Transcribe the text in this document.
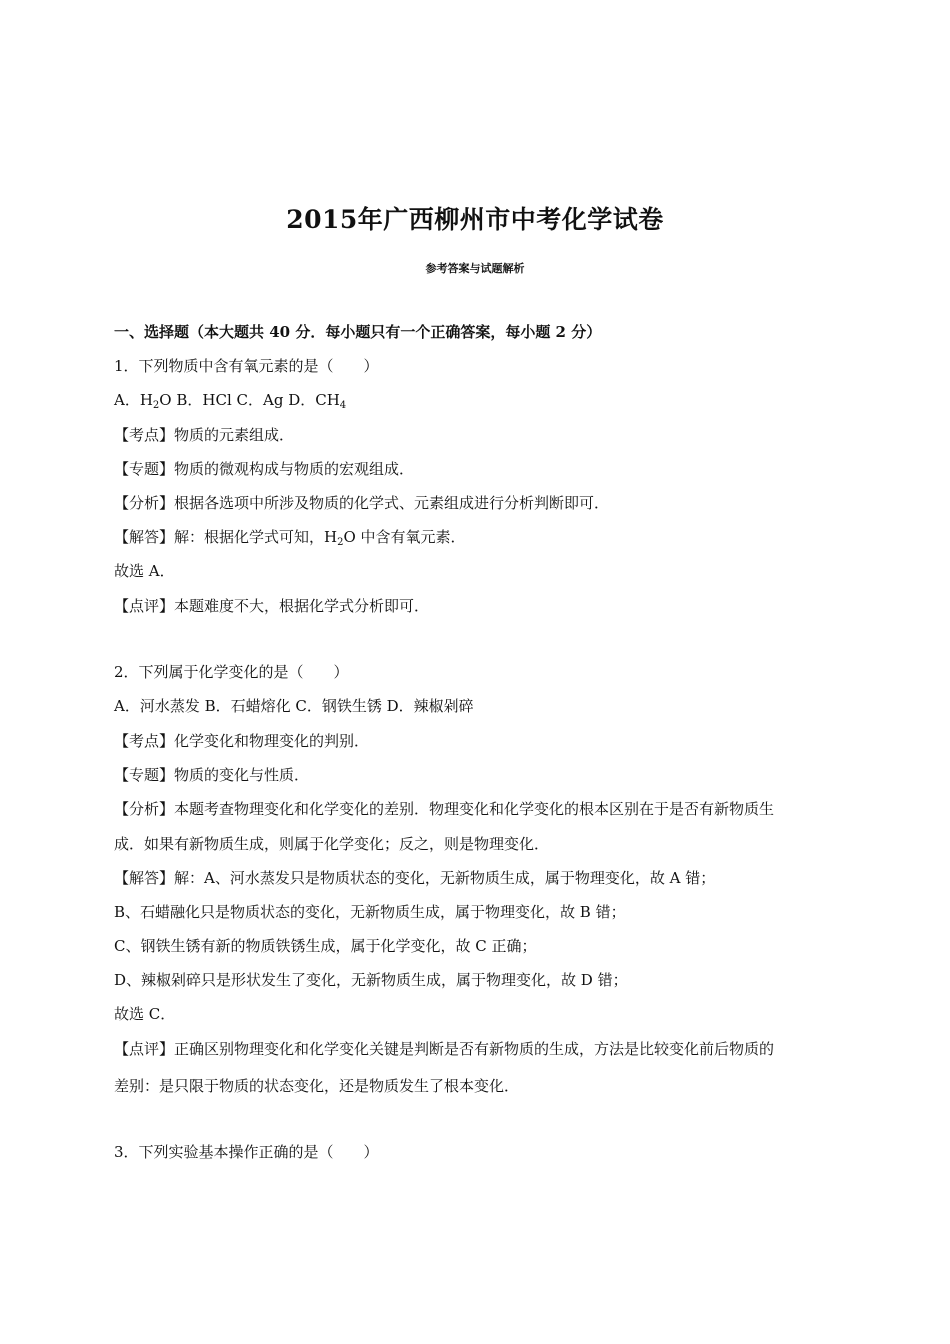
2015年广西柳州市中考化学试卷
参考答案与试题解析
一、选择题（本大题共 40 分．每小题只有一个正确答案，每小题 2 分）
1．下列物质中含有氧元素的是（　　）
A．$H_2O$ B．HCl C．Ag D．$CH_4$
【考点】物质的元素组成．
【专题】物质的微观构成与物质的宏观组成．
【分析】根据各选项中所涉及物质的化学式、元素组成进行分析判断即可．
【解答】解：根据化学式可知，$H_2O$ 中含有氧元素．
故选 A．
【点评】本题难度不大，根据化学式分析即可．
2．下列属于化学变化的是（　　）
A．河水蒸发 B．石蜡熔化 C．钢铁生锈 D．辣椒剁碎
【考点】化学变化和物理变化的判别．
【专题】物质的变化与性质．
【分析】本题考查物理变化和化学变化的差别．物理变化和化学变化的根本区别在于是否有新物质生
成．如果有新物质生成，则属于化学变化；反之，则是物理变化．
【解答】解：A、河水蒸发只是物质状态的变化，无新物质生成，属于物理变化，故 A 错；
B、石蜡融化只是物质状态的变化，无新物质生成，属于物理变化，故 B 错；
C、钢铁生锈有新的物质铁锈生成，属于化学变化，故 C 正确；
D、辣椒剁碎只是形状发生了变化，无新物质生成，属于物理变化，故 D 错；
故选 C．
【点评】正确区别物理变化和化学变化关键是判断是否有新物质的生成，方法是比较变化前后物质的
差别：是只限于物质的状态变化，还是物质发生了根本变化．
3．下列实验基本操作正确的是（　　）
